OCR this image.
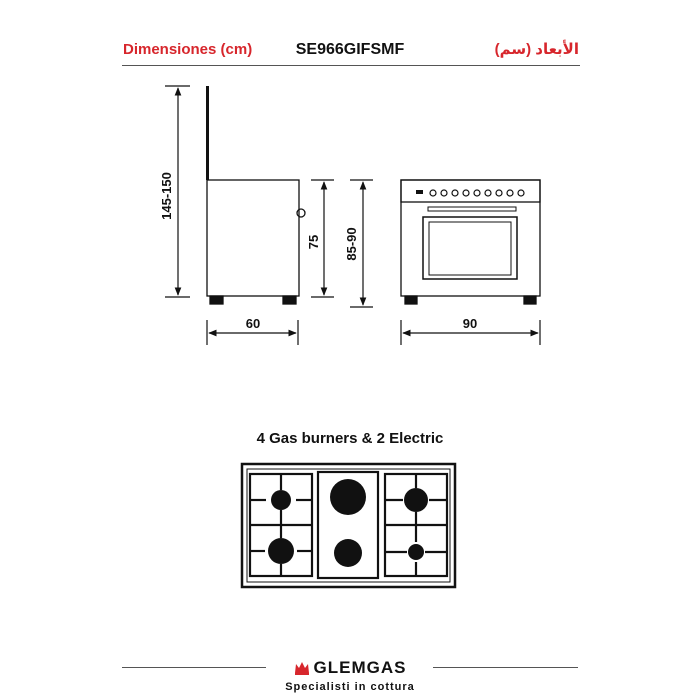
Dimensiones (cm)	SE966GIFSMF	الأبعاد (سم)
145-150
75
60
85-90
90
4 Gas burners & 2 Electric
GLEMGAS
Specialisti in cottura
